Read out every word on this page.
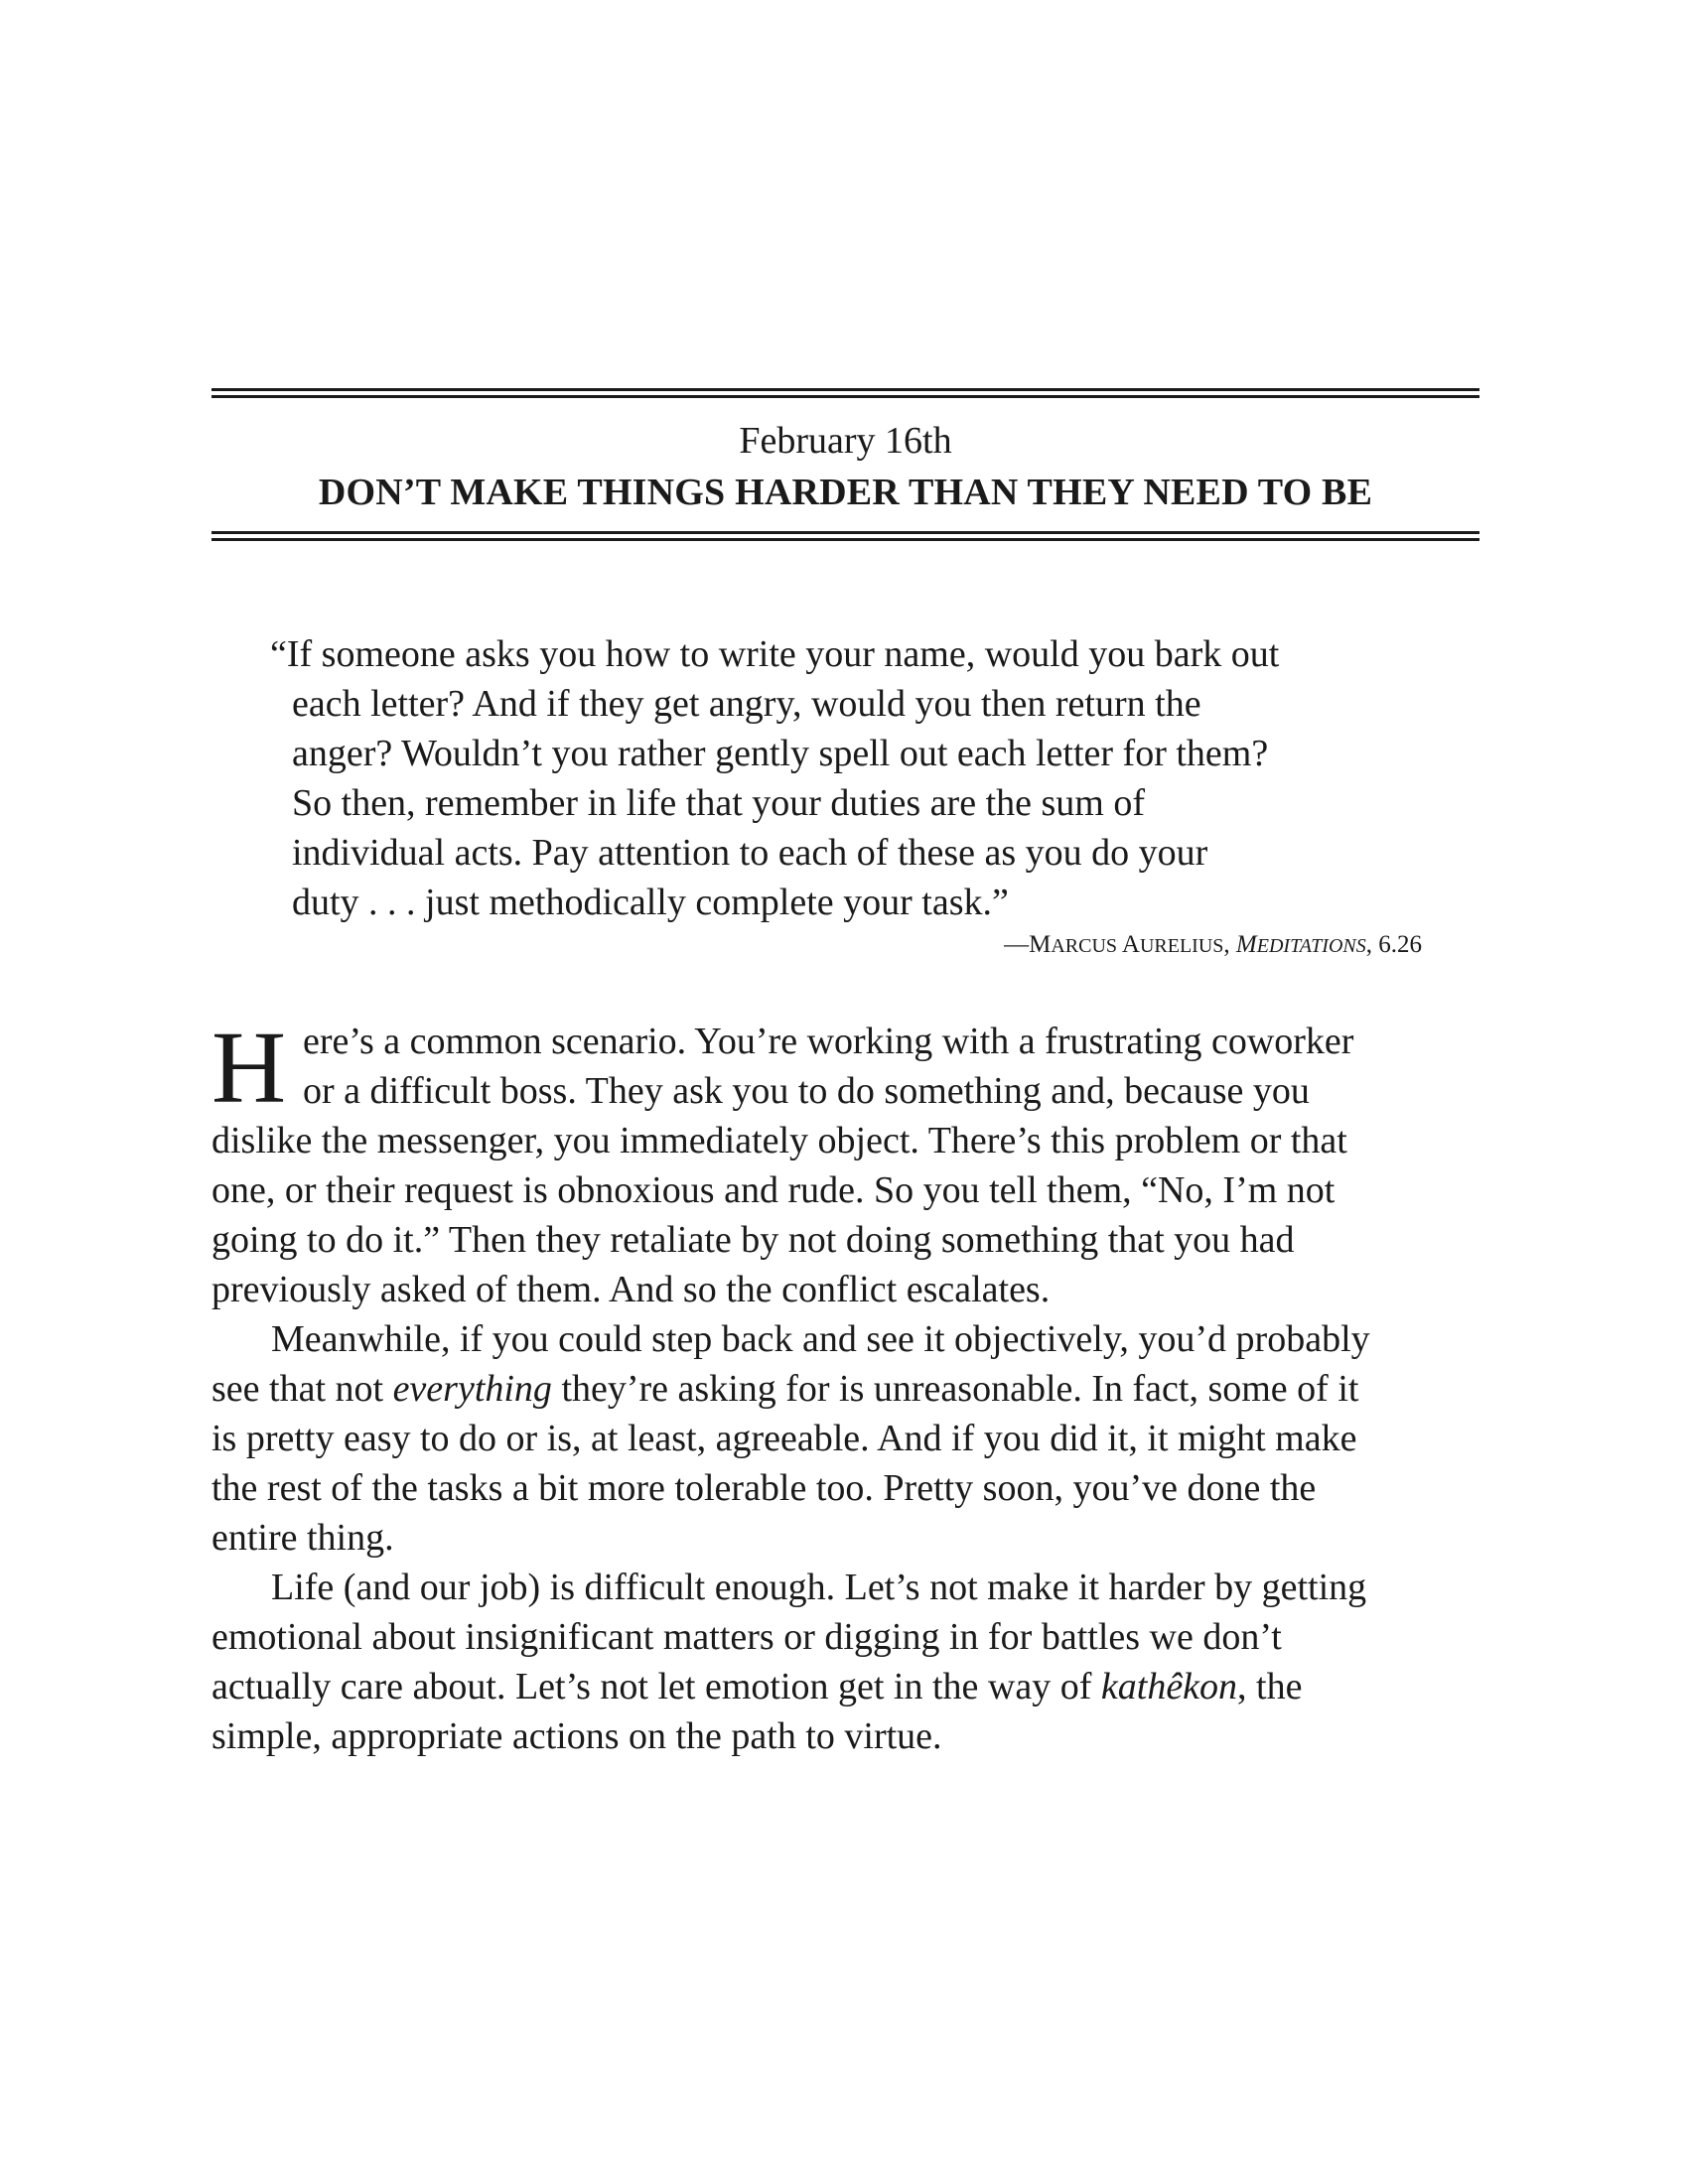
February 16th
DON’T MAKE THINGS HARDER THAN THEY NEED TO BE
“If someone asks you how to write your name, would you bark out
each letter? And if they get angry, would you then return the
anger? Wouldn’t you rather gently spell out each letter for them?
So then, remember in life that your duties are the sum of
individual acts. Pay attention to each of these as you do your
duty . . . just methodically complete your task.”
—MARCUS AURELIUS, MEDITATIONS, 6.26
H ere’s a common scenario. You’re working with a frustrating coworker
or a difficult boss. They ask you to do something and, because you
dislike the messenger, you immediately object. There’s this problem or that
one, or their request is obnoxious and rude. So you tell them, “No, I’m not
going to do it.” Then they retaliate by not doing something that you had
previously asked of them. And so the conflict escalates.
Meanwhile, if you could step back and see it objectively, you’d probably
see that not everything they’re asking for is unreasonable. In fact, some of it
is pretty easy to do or is, at least, agreeable. And if you did it, it might make
the rest of the tasks a bit more tolerable too. Pretty soon, you’ve done the
entire thing.
Life (and our job) is difficult enough. Let’s not make it harder by getting
emotional about insignificant matters or digging in for battles we don’t
actually care about. Let’s not let emotion get in the way of kathêkon, the
simple, appropriate actions on the path to virtue.
